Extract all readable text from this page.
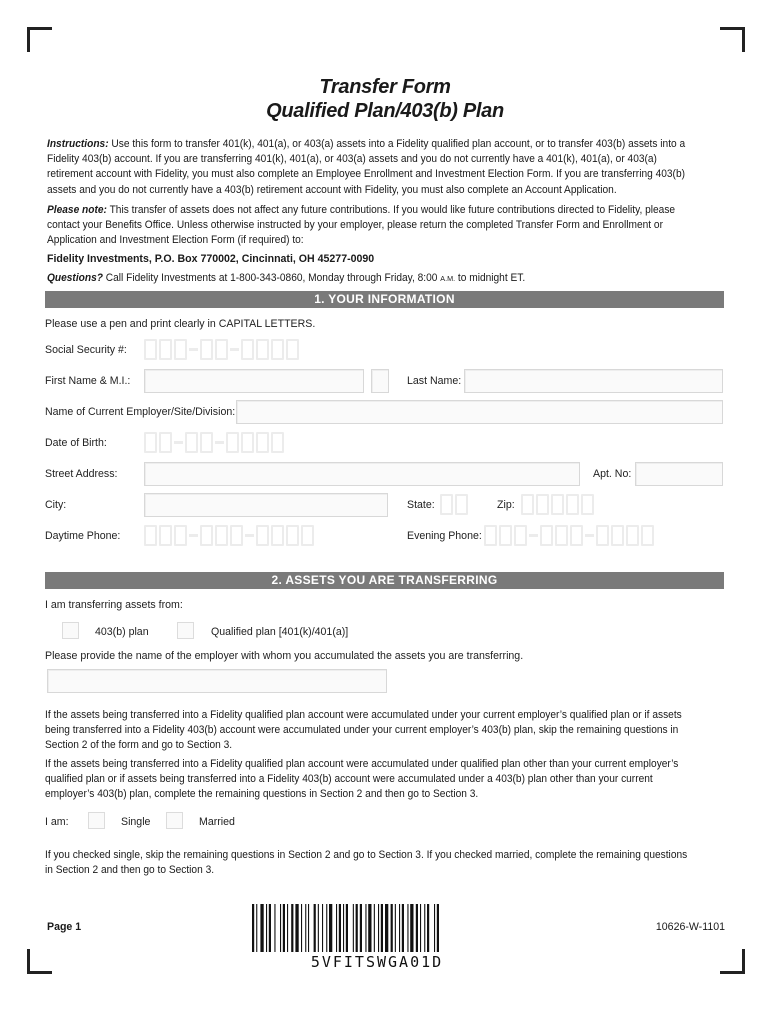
Transfer Form
Qualified Plan/403(b) Plan
Instructions: Use this form to transfer 401(k), 401(a), or 403(a) assets into a Fidelity qualified plan account, or to transfer 403(b) assets into a Fidelity 403(b) account. If you are transferring 401(k), 401(a), or 403(a) assets and you do not currently have a 401(k), 401(a), or 403(a) retirement account with Fidelity, you must also complete an Employee Enrollment and Investment Election Form. If you are transferring 403(b) assets and you do not currently have a 403(b) retirement account with Fidelity, you must also complete an Account Application.
Please note: This transfer of assets does not affect any future contributions. If you would like future contributions directed to Fidelity, please contact your Benefits Office. Unless otherwise instructed by your employer, please return the completed Transfer Form and Enrollment or Application and Investment Election Form (if required) to:
Fidelity Investments, P.O. Box 770002, Cincinnati, OH 45277-0090
Questions? Call Fidelity Investments at 1-800-343-0860, Monday through Friday, 8:00 A.M. to midnight ET.
1. YOUR INFORMATION
Please use a pen and print clearly in CAPITAL LETTERS.
Social Security #:
First Name & M.I.:	Last Name:
Name of Current Employer/Site/Division:
Date of Birth:
Street Address:	Apt. No:
City:	State:	Zip:
Daytime Phone:	Evening Phone:
2. ASSETS YOU ARE TRANSFERRING
I am transferring assets from:
403(b) plan	Qualified plan [401(k)/401(a)]
Please provide the name of the employer with whom you accumulated the assets you are transferring.
If the assets being transferred into a Fidelity qualified plan account were accumulated under your current employer’s qualified plan or if assets being transferred into a Fidelity 403(b) account were accumulated under your current employer’s 403(b) plan, skip the remaining questions in Section 2 of the form and go to Section 3.
If the assets being transferred into a Fidelity qualified plan account were accumulated under qualified plan other than your current employer’s qualified plan or if assets being transferred into a Fidelity 403(b) account were accumulated under a 403(b) plan other than your current employer’s 403(b) plan, complete the remaining questions in Section 2 and then go to Section 3.
I am:	Single	Married
If you checked single, skip the remaining questions in Section 2 and go to Section 3. If you checked married, complete the remaining questions in Section 2 and then go to Section 3.
Page 1	10626-W-1101
5VFITSWGA01D
